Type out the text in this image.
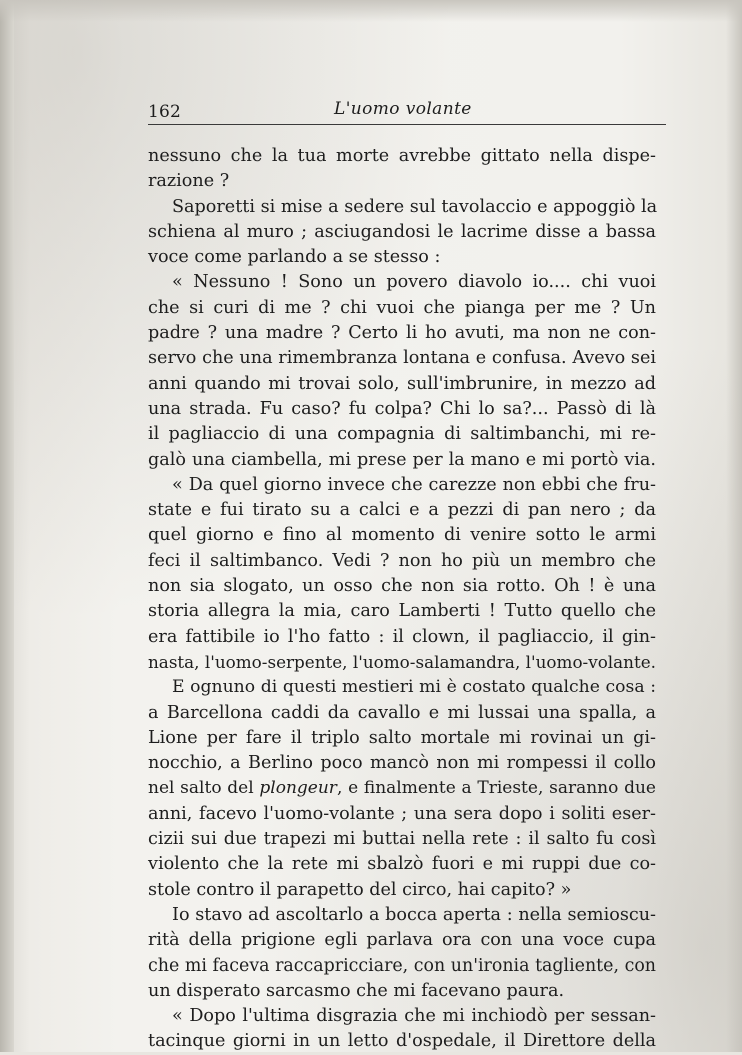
162	L'uomo volante
nessuno che la tua morte avrebbe gittato nella dispe-
razione ?
Saporetti si mise a sedere sul tavolaccio e appoggiò la
schiena al muro ; asciugandosi le lacrime disse a bassa
voce come parlando a se stesso :
« Nessuno ! Sono un povero diavolo io.... chi vuoi
che si curi di me ? chi vuoi che pianga per me ? Un
padre ? una madre ? Certo li ho avuti, ma non ne con-
servo che una rimembranza lontana e confusa. Avevo sei
anni quando mi trovai solo, sull'imbrunire, in mezzo ad
una strada. Fu caso? fu colpa? Chi lo sa?... Passò di là
il pagliaccio di una compagnia di saltimbanchi, mi re-
galò una ciambella, mi prese per la mano e mi portò via.
« Da quel giorno invece che carezze non ebbi che fru-
state e fui tirato su a calci e a pezzi di pan nero ; da
quel giorno e fino al momento di venire sotto le armi
feci il saltimbanco. Vedi ? non ho più un membro che
non sia slogato, un osso che non sia rotto. Oh ! è una
storia allegra la mia, caro Lamberti ! Tutto quello che
era fattibile io l'ho fatto : il clown, il pagliaccio, il gin-
nasta, l'uomo-serpente, l'uomo-salamandra, l'uomo-volante.
E ognuno di questi mestieri mi è costato qualche cosa :
a Barcellona caddi da cavallo e mi lussai una spalla, a
Lione per fare il triplo salto mortale mi rovinai un gi-
nocchio, a Berlino poco mancò non mi rompessi il collo
nel salto del plongeur, e finalmente a Trieste, saranno due
anni, facevo l'uomo-volante ; una sera dopo i soliti eser-
cizii sui due trapezi mi buttai nella rete : il salto fu così
violento che la rete mi sbalzò fuori e mi ruppi due co-
stole contro il parapetto del circo, hai capito? »
Io stavo ad ascoltarlo a bocca aperta : nella semioscu-
rità della prigione egli parlava ora con una voce cupa
che mi faceva raccapricciare, con un'ironia tagliente, con
un disperato sarcasmo che mi facevano paura.
« Dopo l'ultima disgrazia che mi inchiodò per sessan-
tacinque giorni in un letto d'ospedale, il Direttore della
